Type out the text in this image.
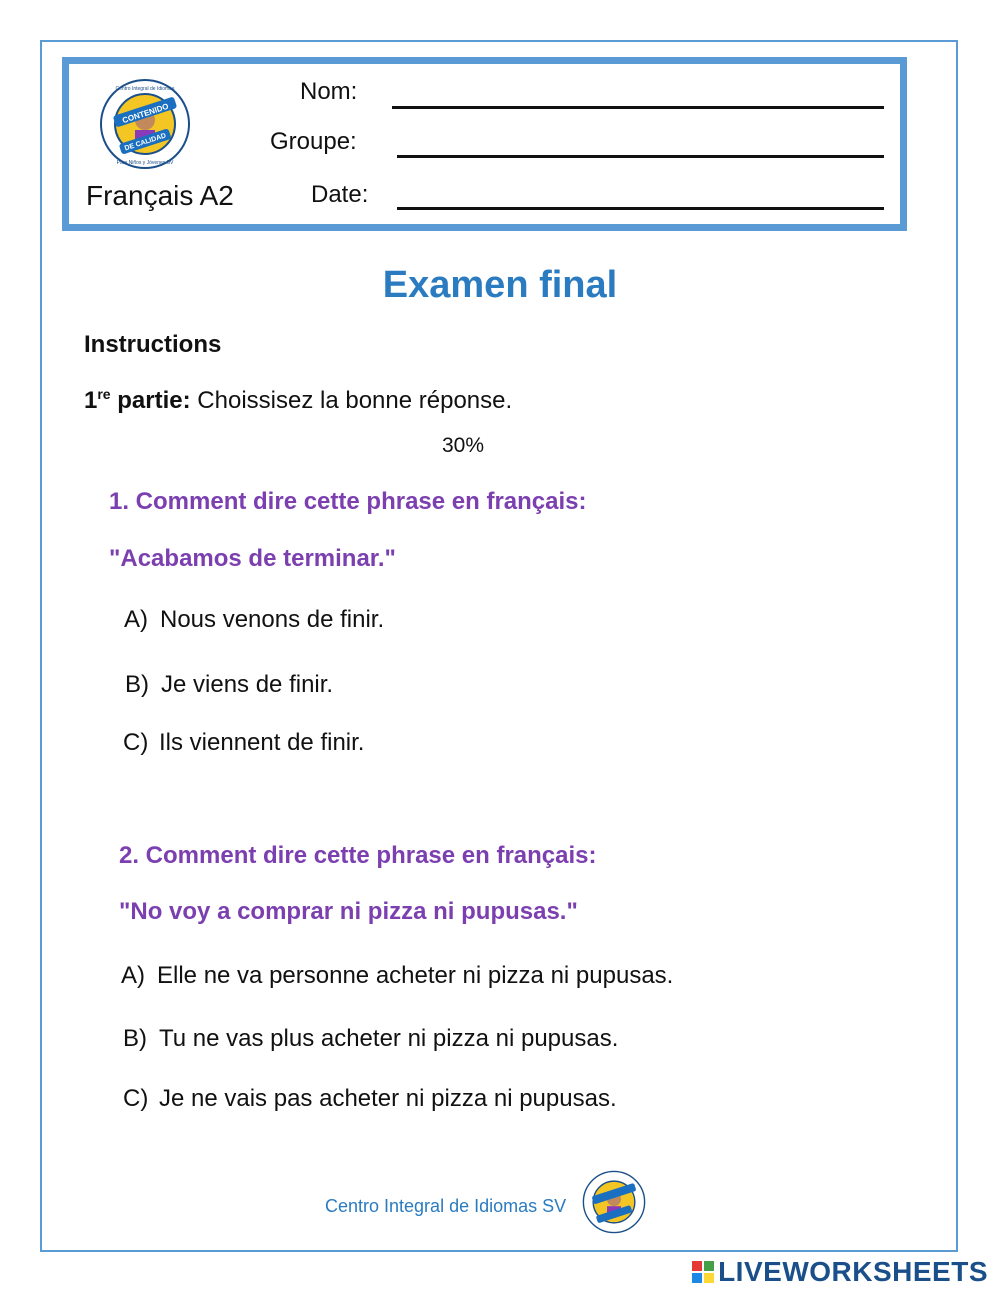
CONTENIDO
DE CALIDAD
Centro Integral de Idiomas
Para Niños y Jóvenes SV
Français A2
Nom:
Groupe:
Date:
Examen final
Instructions
1re partie: Choissisez la bonne réponse.
30%
1. Comment dire cette phrase en français:
"Acabamos de terminar."
A) Nous venons de finir.
B) Je viens de finir.
C) Ils viennent de finir.
2. Comment dire cette phrase en français:
"No voy a comprar ni pizza ni pupusas."
A) Elle ne va personne acheter ni pizza ni pupusas.
B) Tu ne vas plus acheter ni pizza ni pupusas.
C) Je ne vais pas acheter ni pizza ni pupusas.
Centro Integral de Idiomas SV
LIVEWORKSHEETS
